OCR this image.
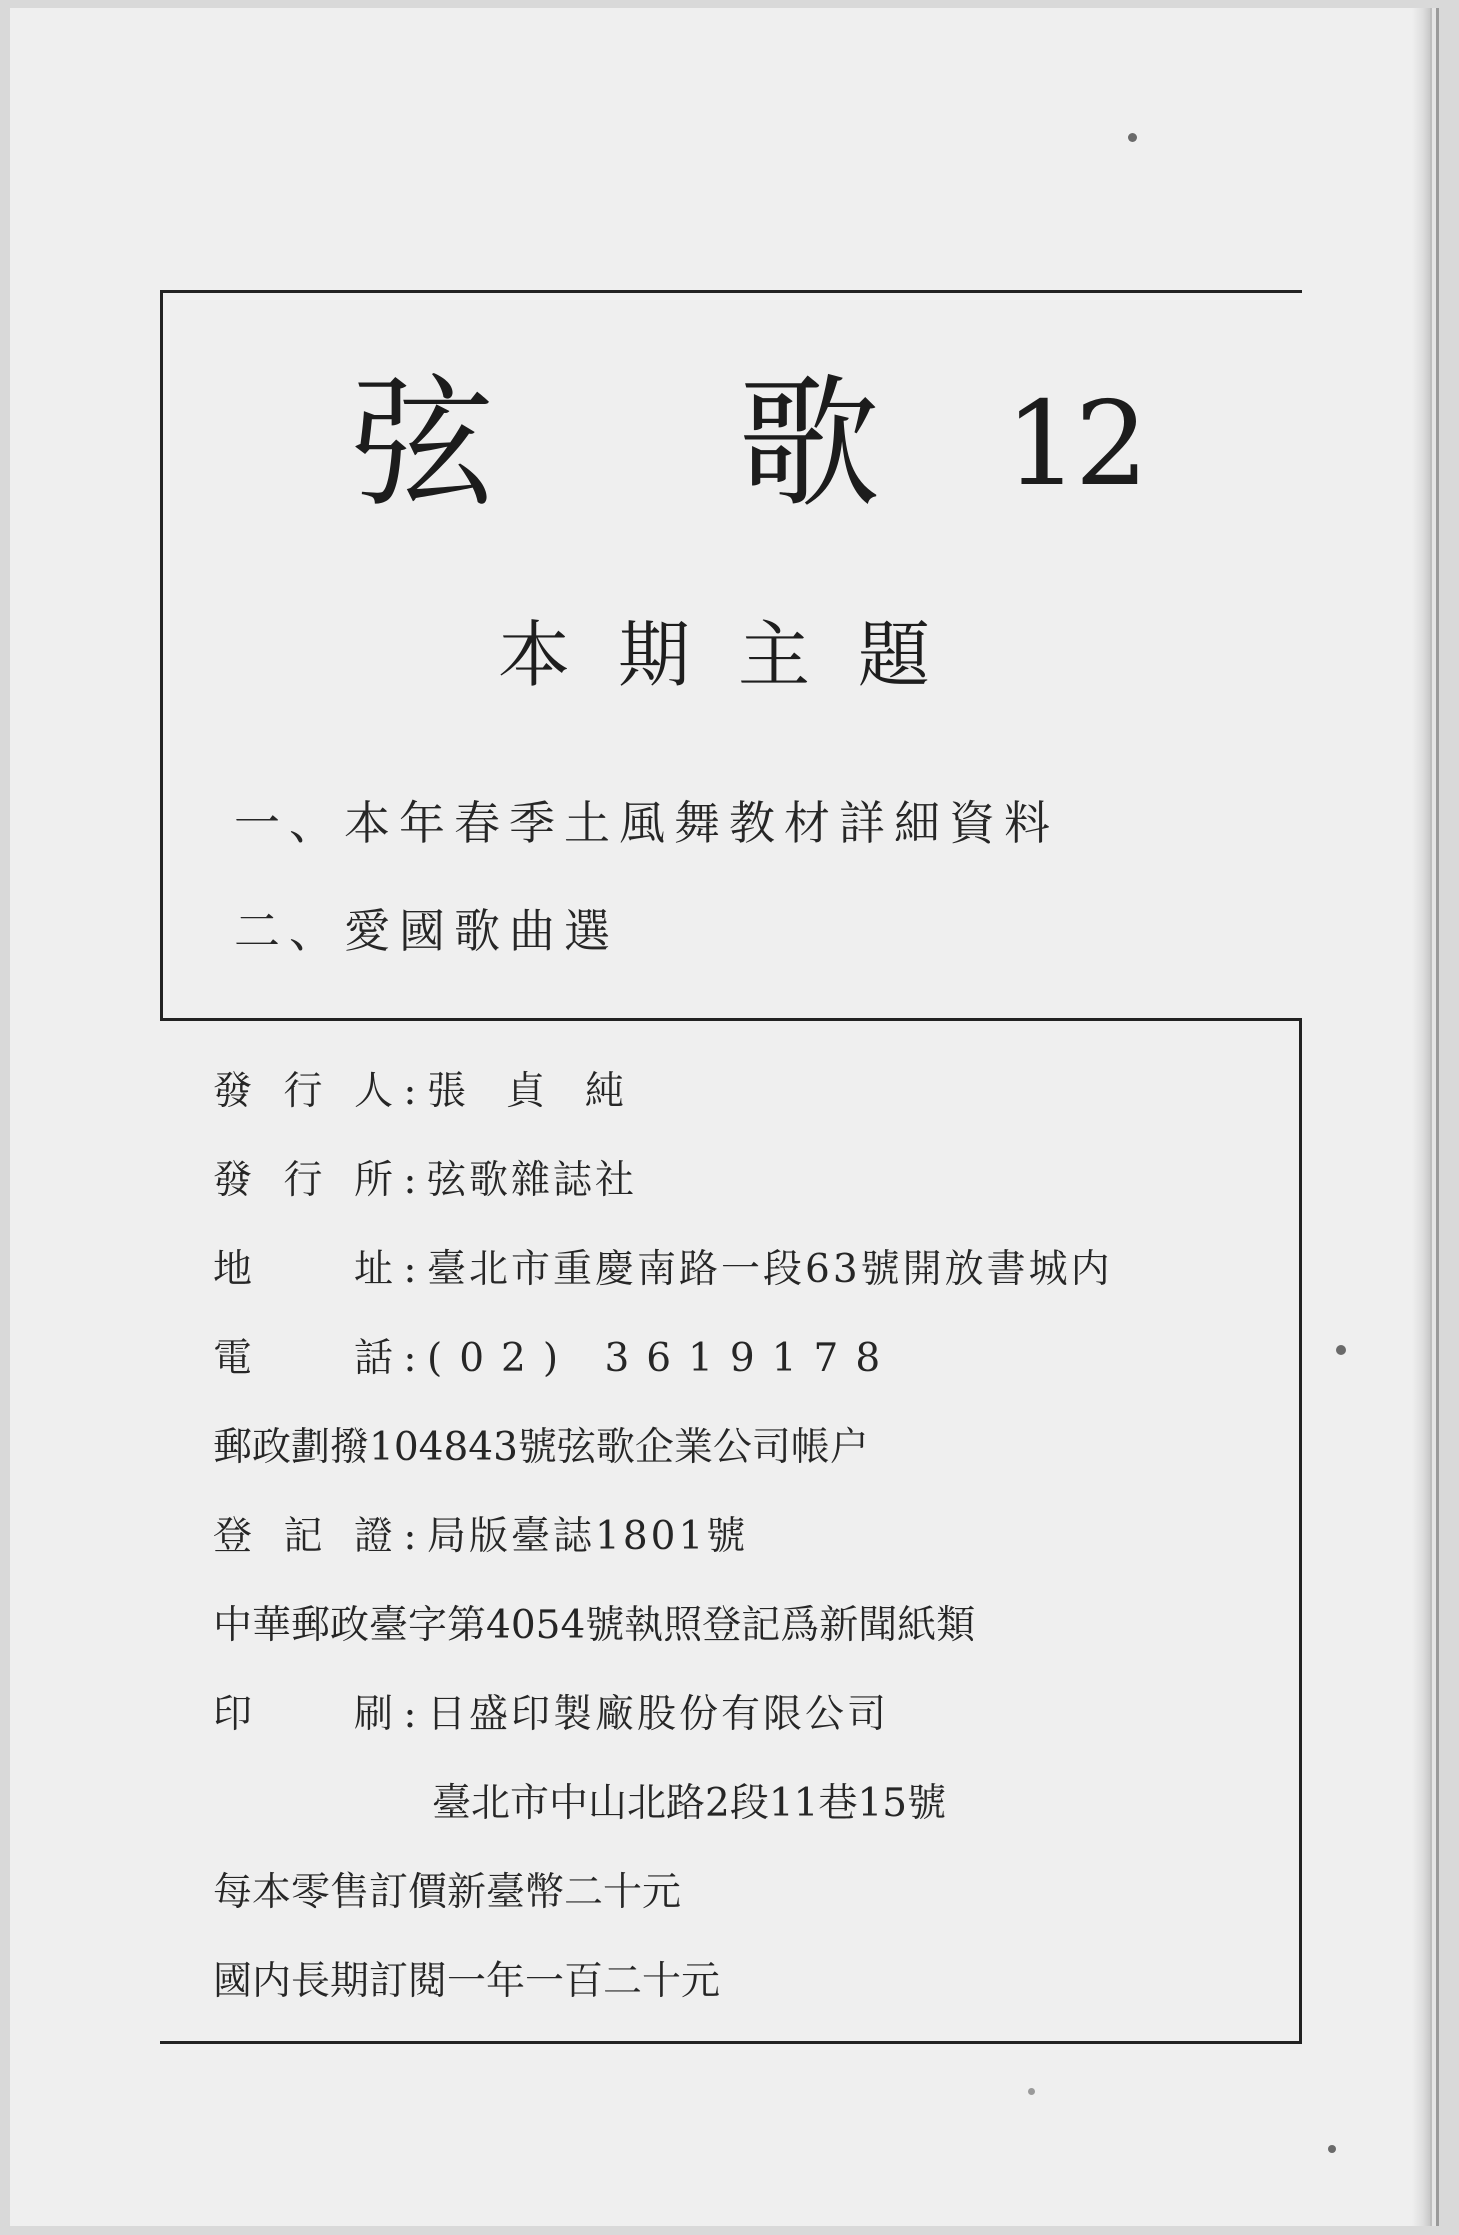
弦 歌 12
本期主題
一、本年春季土風舞教材詳細資料
二、愛國歌曲選
發行人 : 張貞純
發行所 : 弦歌雜誌社
地址 : 臺北市重慶南路一段63號開放書城内
電話 : (02) 3619178
郵政劃撥104843號弦歌企業公司帳户
登記證 : 局版臺誌1801號
中華郵政臺字第4054號執照登記爲新聞紙類
印刷 : 日盛印製廠股份有限公司
臺北市中山北路2段11巷15號
每本零售訂價新臺幣二十元
國内長期訂閱一年一百二十元
